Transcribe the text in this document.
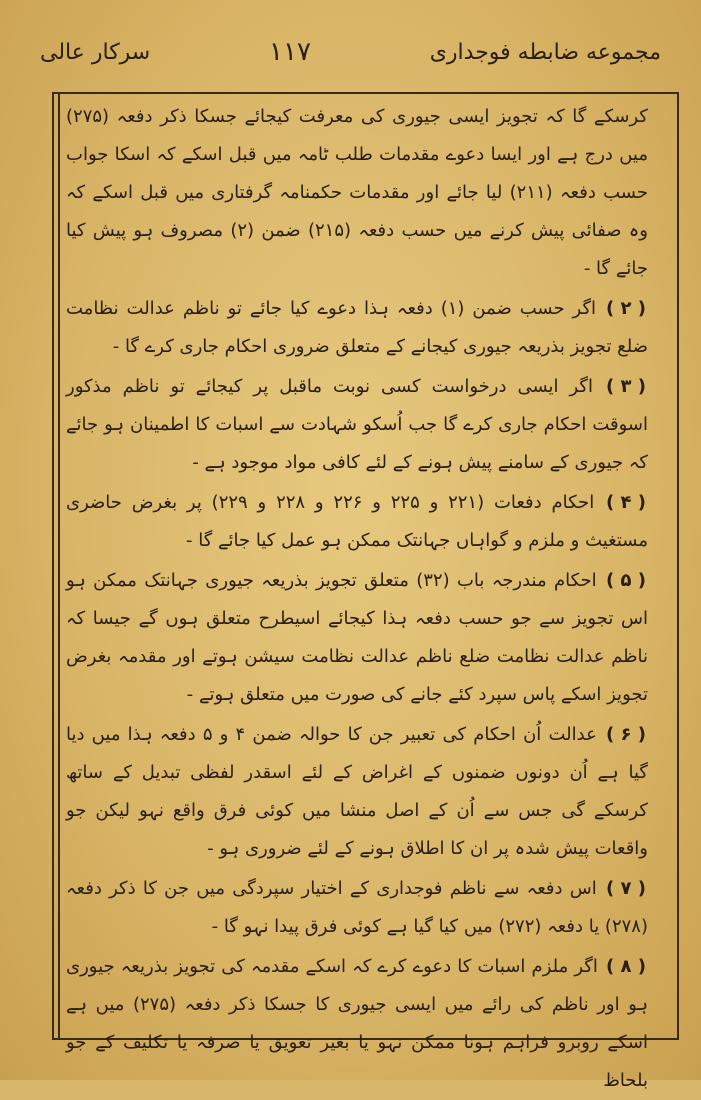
مجموعه ضابطه فوجداری
۱۱۷
سرکار عالی

کرسکے گا کہ تجویز ایسی جیوری کی معرفت کیجائے جسکا ذکر دفعہ (۲۷۵) میں درج ہے اور ایسا دعوے مقدمات طلب ٹامہ میں قبل اسکے کہ اسکا جواب حسب دفعہ (۲۱۱) لیا جائے اور مقدمات حکمنامہ گرفتاری میں قبل اسکے کہ وہ صفائی پیش کرنے میں حسب دفعہ (۲۱۵) ضمن (۲) مصروف ہو پیش کیا جائے گا -

( ۲ ) اگر حسب ضمن (۱) دفعہ ہذا دعوے کیا جائے تو ناظم عدالت نظامت ضلع تجویز بذریعہ جیوری کیجانے کے متعلق ضروری احکام جاری کرے گا -

( ۳ ) اگر ایسی درخواست کسی نوبت ماقبل پر کیجائے تو ناظم مذکور اسوقت احکام جاری کرے گا جب اُسکو شہادت سے اسبات کا اطمینان ہو جائے کہ جیوری کے سامنے پیش ہونے کے لئے کافی مواد موجود ہے -

( ۴ ) احکام دفعات (۲۲۱ و ۲۲۵ و ۲۲۶ و ۲۲۸ و ۲۲۹) پر بغرض حاضری مستغیث و ملزم و گواہاں جہانتک ممکن ہو عمل کیا جائے گا -

( ۵ ) احکام مندرجہ باب (۳۲) متعلق تجویز بذریعہ جیوری جہانتک ممکن ہو اس تجویز سے جو حسب دفعہ ہذا کیجائے اسیطرح متعلق ہوں گے جیسا کہ ناظم عدالت نظامت ضلع ناظم عدالت نظامت سیشن ہوتے اور مقدمہ بغرض تجویز اسکے پاس سپرد کئے جانے کی صورت میں متعلق ہوتے -

( ۶ ) عدالت اُن احکام کی تعبیر جن کا حوالہ ضمن ۴ و ۵ دفعہ ہذا میں دیا گیا ہے اُن دونوں ضمنوں کے اغراض کے لئے اسقدر لفظی تبدیل کے ساتھ کرسکے گی جس سے اُن کے اصل منشا میں کوئی فرق واقع نہو لیکن جو واقعات پیش شدہ پر ان کا اطلاق ہونے کے لئے ضروری ہو -

( ۷ ) اس دفعہ سے ناظم فوجداری کے اختیار سپردگی میں جن کا ذکر دفعہ (۲۷۸) یا دفعہ (۲۷۲) میں کیا گیا ہے کوئی فرق پیدا نہو گا -

( ۸ ) اگر ملزم اسبات کا دعوے کرے کہ اسکے مقدمہ کی تجویز بذریعہ جیوری ہو اور ناظم کی رائے میں ایسی جیوری کا جسکا ذکر دفعہ (۲۷۵) میں ہے اسکے روبرو فراہم ہونا ممکن نہو یا بغیر تعویق یا صرفہ یا تکلیف کے جو بلحاظ
